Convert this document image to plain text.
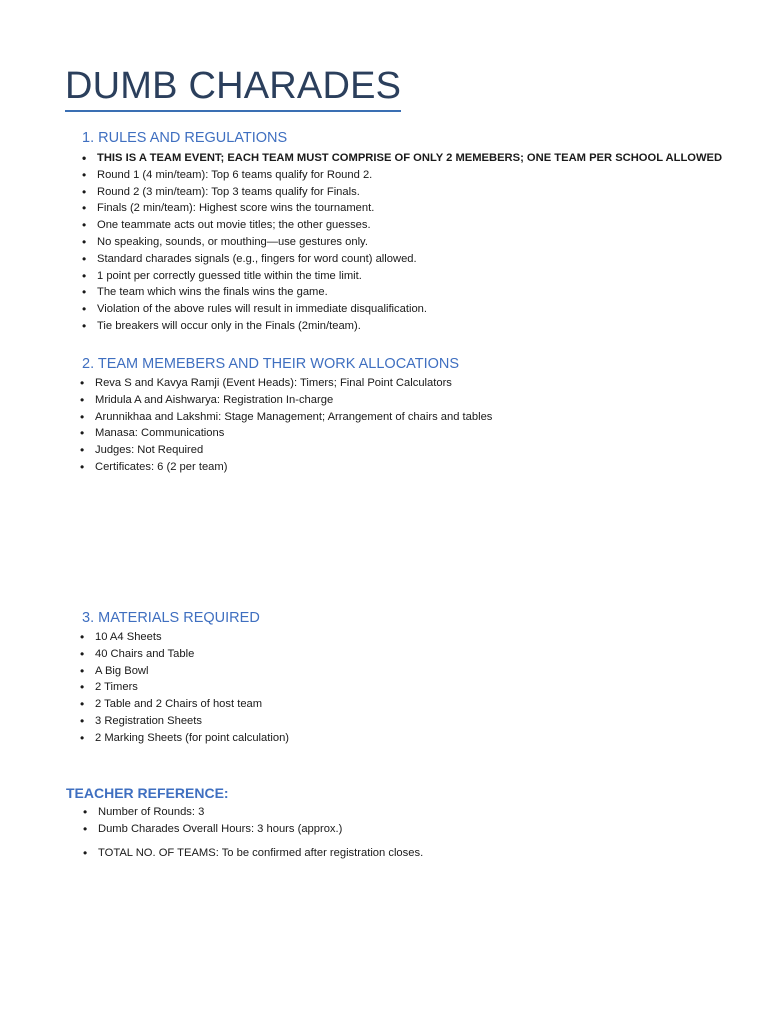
DUMB CHARADES
1. RULES AND REGULATIONS
• THIS IS A TEAM EVENT; EACH TEAM MUST COMPRISE OF ONLY 2 MEMEBERS; ONE TEAM PER SCHOOL ALLOWED
• Round 1 (4 min/team): Top 6 teams qualify for Round 2.
• Round 2 (3 min/team): Top 3 teams qualify for Finals.
• Finals (2 min/team): Highest score wins the tournament.
• One teammate acts out movie titles; the other guesses.
• No speaking, sounds, or mouthing—use gestures only.
• Standard charades signals (e.g., fingers for word count) allowed.
• 1 point per correctly guessed title within the time limit.
• The team which wins the finals wins the game.
• Violation of the above rules will result in immediate disqualification.
• Tie breakers will occur only in the Finals (2min/team).
2. TEAM MEMEBERS AND THEIR WORK ALLOCATIONS
• Reva S and Kavya Ramji (Event Heads): Timers; Final Point Calculators
• Mridula A and Aishwarya: Registration In-charge
• Arunnikhaa and Lakshmi: Stage Management; Arrangement of chairs and tables
• Manasa: Communications
• Judges: Not Required
• Certificates: 6 (2 per team)
3. MATERIALS REQUIRED
• 10 A4 Sheets
• 40 Chairs and Table
• A Big Bowl
• 2 Timers
• 2 Table and 2 Chairs of host team
• 3 Registration Sheets
• 2 Marking Sheets (for point calculation)
TEACHER REFERENCE:
• Number of Rounds: 3
• Dumb Charades Overall Hours: 3 hours (approx.)
• TOTAL NO. OF TEAMS: To be confirmed after registration closes.
